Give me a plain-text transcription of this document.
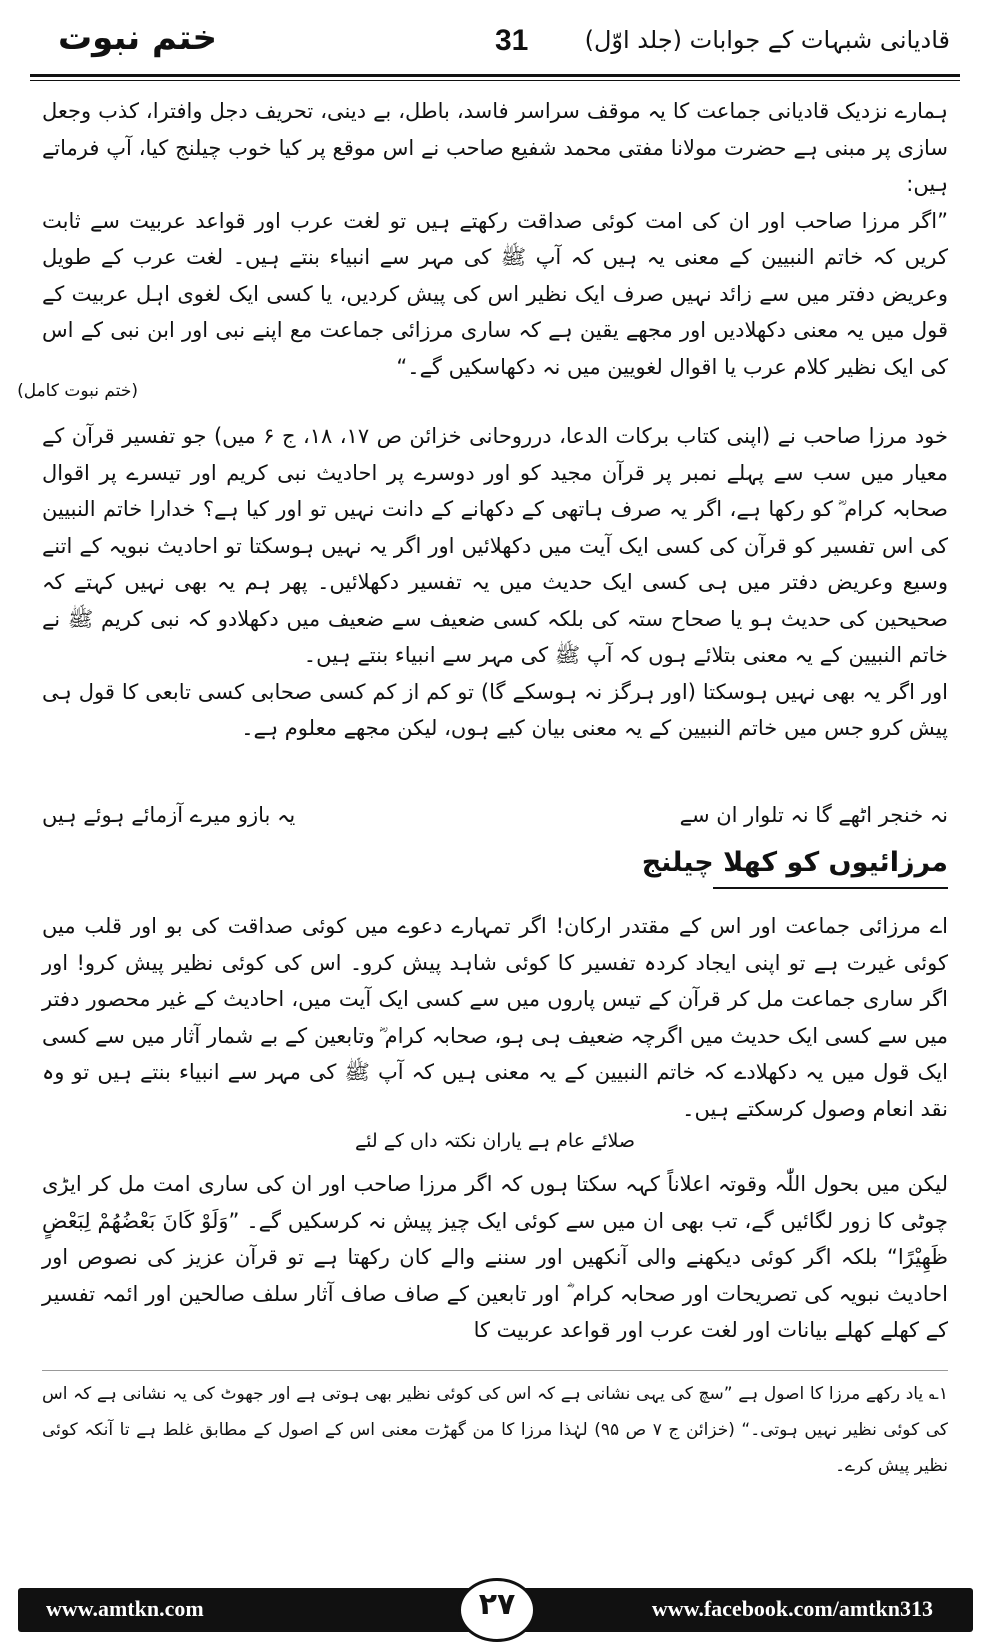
ختم نبوت	31 قادیانی شبہات کے جوابات (جلد اوّل)

ہمارے نزدیک قادیانی جماعت کا یہ موقف سراسر فاسد، باطل، بے دینی، تحریف دجل وافترا، کذب وجعل سازی پر مبنی ہے حضرت مولانا مفتی محمد شفیع صاحب نے اس موقع پر کیا خوب چیلنج کیا، آپ فرماتے ہیں:

”اگر مرزا صاحب اور ان کی امت کوئی صداقت رکھتے ہیں تو لغت عرب اور قواعد عربیت سے ثابت کریں کہ خاتم النبیین کے معنی یہ ہیں کہ آپ ﷺ کی مہر سے انبیاء بنتے ہیں۔ لغت عرب کے طویل وعریض دفتر میں سے زائد نہیں صرف ایک نظیر اس کی پیش کردیں، یا کسی ایک لغوی اہل عربیت کے قول میں یہ معنی دکھلادیں اور مجھے یقین ہے کہ ساری مرزائی جماعت مع اپنے نبی اور ابن نبی کے اس کی ایک نظیر کلام عرب یا اقوال لغویین میں نہ دکھاسکیں گے۔“

(ختم نبوت کامل)

خود مرزا صاحب نے (اپنی کتاب برکات الدعا، درروحانی خزائن ص ۱۷، ۱۸، ج ۶ میں) جو تفسیر قرآن کے معیار میں سب سے پہلے نمبر پر قرآن مجید کو اور دوسرے پر احادیث نبی کریم اور تیسرے پر اقوال صحابہ کرام ؓ کو رکھا ہے، اگر یہ صرف ہاتھی کے دکھانے کے دانت نہیں تو اور کیا ہے؟ خدارا خاتم النبیین کی اس تفسیر کو قرآن کی کسی ایک آیت میں دکھلائیں اور اگر یہ نہیں ہوسکتا تو احادیث نبویہ کے اتنے وسیع وعریض دفتر میں ہی کسی ایک حدیث میں یہ تفسیر دکھلائیں۔ پھر ہم یہ بھی نہیں کہتے کہ صحیحین کی حدیث ہو یا صحاح ستہ کی بلکہ کسی ضعیف سے ضعیف میں دکھلادو کہ نبی کریم ﷺ نے خاتم النبیین کے یہ معنی بتلائے ہوں کہ آپ ﷺ کی مہر سے انبیاء بنتے ہیں۔

اور اگر یہ بھی نہیں ہوسکتا (اور ہرگز نہ ہوسکے گا) تو کم از کم کسی صحابی کسی تابعی کا قول ہی پیش کرو جس میں خاتم النبیین کے یہ معنی بیان کیے ہوں، لیکن مجھے معلوم ہے۔

نہ خنجر اٹھے گا نہ تلوار ان سے
یہ بازو میرے آزمائے ہوئے ہیں
مرزائیوں کو کھلا چیلنج

اے مرزائی جماعت اور اس کے مقتدر ارکان! اگر تمہارے دعوے میں کوئی صداقت کی بو اور قلب میں کوئی غیرت ہے تو اپنی ایجاد کردہ تفسیر کا کوئی شاہد پیش کرو۔ اس کی کوئی نظیر پیش کرو! اور اگر ساری جماعت مل کر قرآن کے تیس پاروں میں سے کسی ایک آیت میں، احادیث کے غیر محصور دفتر میں سے کسی ایک حدیث میں اگرچہ ضعیف ہی ہو، صحابہ کرام ؓ وتابعین کے بے شمار آثار میں سے کسی ایک قول میں یہ دکھلادے کہ خاتم النبیین کے یہ معنی ہیں کہ آپ ﷺ کی مہر سے انبیاء بنتے ہیں تو وہ نقد انعام وصول کرسکتے ہیں۔

صلائے عام ہے یاران نکتہ داں کے لئے

لیکن میں بحول اللّٰہ وقوتہ اعلاناً کہہ سکتا ہوں کہ اگر مرزا صاحب اور ان کی ساری امت مل کر ایڑی چوٹی کا زور لگائیں گے، تب بھی ان میں سے کوئی ایک چیز پیش نہ کرسکیں گے۔ ”وَلَوْ کَانَ بَعْضُھُمْ لِبَعْضٍ ظَھِیْرًا“ بلکہ اگر کوئی دیکھنے والی آنکھیں اور سننے والے کان رکھتا ہے تو قرآن عزیز کی نصوص اور احادیث نبویہ کی تصریحات اور صحابہ کرام ؓ اور تابعین کے صاف صاف آثار سلف صالحین اور ائمہ تفسیر کے کھلے کھلے بیانات اور لغت عرب اور قواعد عربیت کا

۱؎ یاد رکھے مرزا کا اصول ہے ”سچ کی یہی نشانی ہے کہ اس کی کوئی نظیر بھی ہوتی ہے اور جھوٹ کی یہ نشانی ہے کہ اس کی کوئی نظیر نہیں ہوتی۔“ (خزائن ج ۷ ص ۹۵) لہٰذا مرزا کا من گھڑت معنی اس کے اصول کے مطابق غلط ہے تا آنکہ کوئی نظیر پیش کرے۔
www.amtkn.com	۲۷	www.facebook.com/amtkn313
